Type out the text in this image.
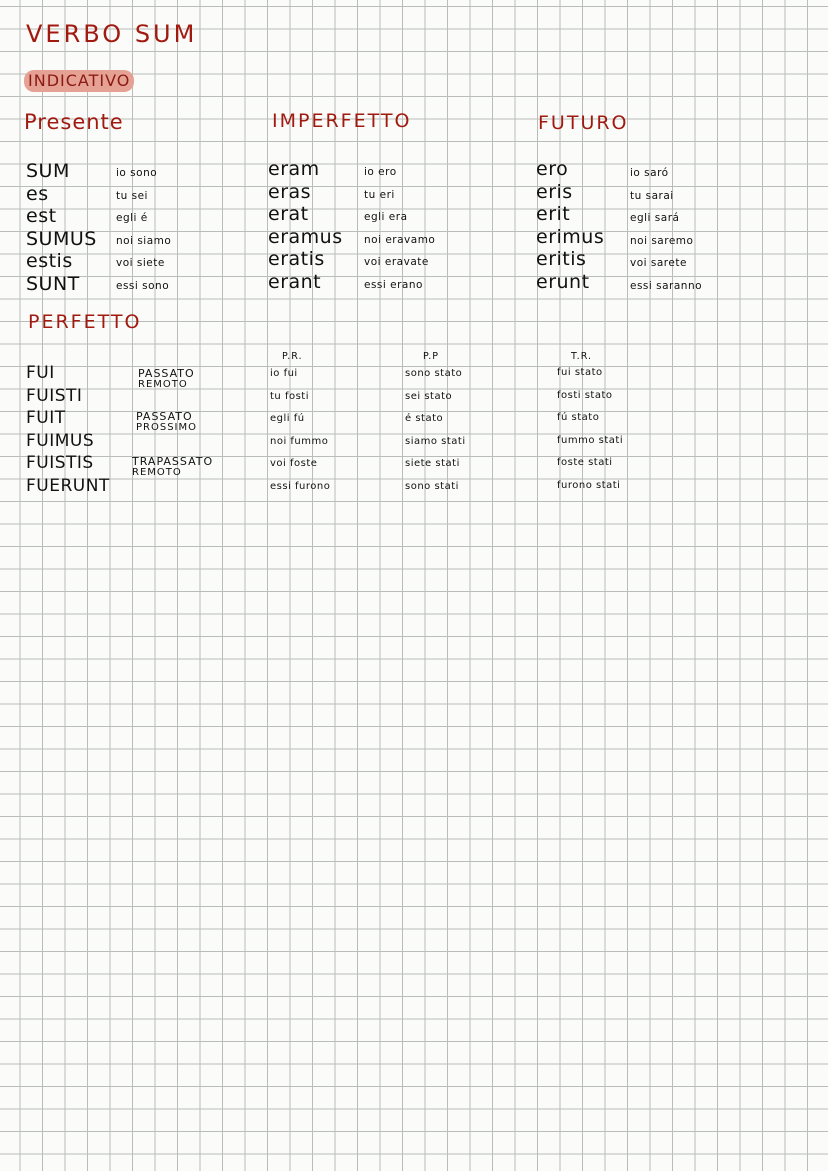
VERBO SUM
INDICATIVO
Presente
SUM
es
est
SUMUS
estis
SUNT
io sono
tu sei
egli é
noi siamo
voi siete
essi sono
IMPERFETTO
eram
eras
erat
eramus
eratis
erant
io ero
tu eri
egli era
noi eravamo
voi eravate
essi erano
FUTURO
ero
eris
erit
erimus
eritis
erunt
io saró
tu sarai
egli sará
noi saremo
voi sarete
essi saranno
PERFETTO
FUI
FUISTI
FUIT
FUIMUS
FUISTIS
FUERUNT
PASSATO
REMOTO
PASSATO
PROSSIMO
TRAPASSATO
REMOTO
P.R.
io fui
tu fosti
egli fú
noi fummo
voi foste
essi furono
P.P
sono stato
sei stato
é stato
siamo stati
siete stati
sono stati
T.R.
fui stato
fosti stato
fú stato
fummo stati
foste stati
furono stati
